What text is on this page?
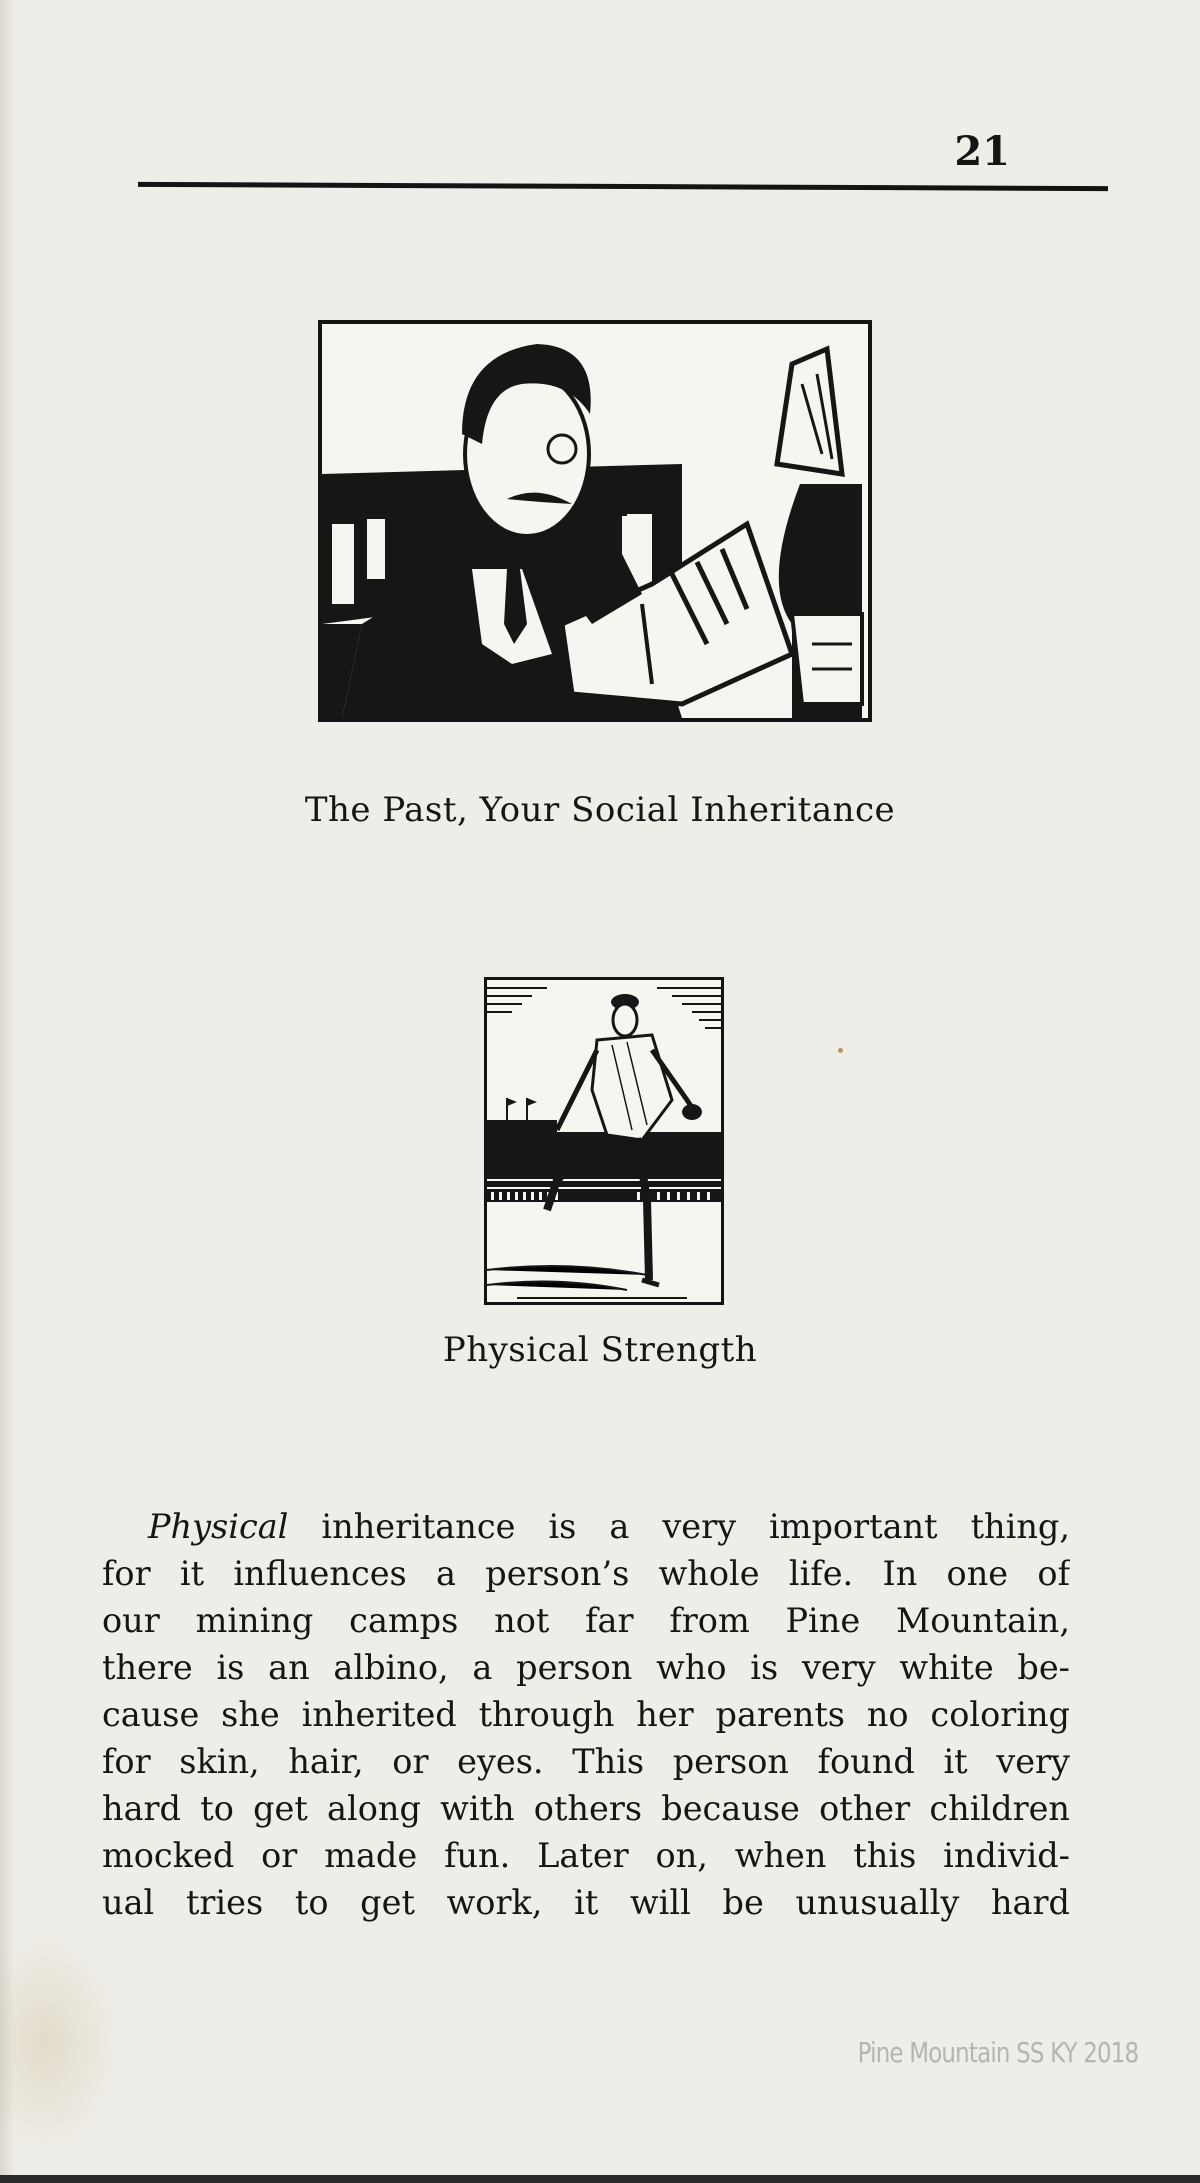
21
The Past, Your Social Inheritance
Physical Strength
Physical inheritance is a very important thing,
for it influences a person’s whole life. In one of
our mining camps not far from Pine Mountain,
there is an albino, a person who is very white be-
cause she inherited through her parents no coloring
for skin, hair, or eyes. This person found it very
hard to get along with others because other children
mocked or made fun. Later on, when this individ-
ual tries to get work, it will be unusually hard
Pine Mountain SS KY 2018
